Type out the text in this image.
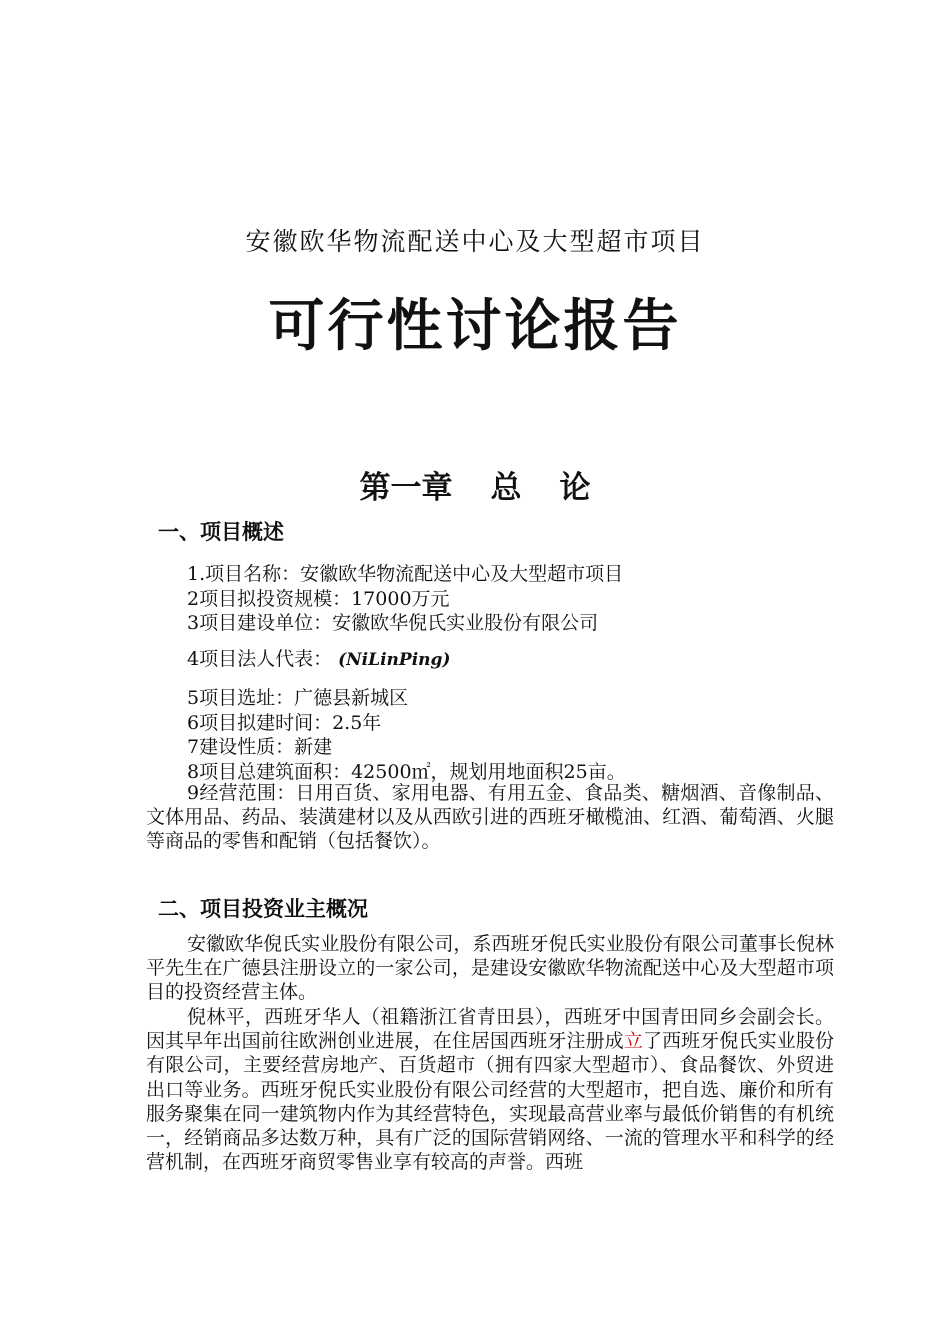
安徽欧华物流配送中心及大型超市项目
可行性讨论报告
第一章 总 论
一、项目概述
1.项目名称：安徽欧华物流配送中心及大型超市项目
2项目拟投资规模：17000万元
3项目建设单位：安徽欧华倪氏实业股份有限公司
4项目法人代表： (NiLinPing)
5项目选址：广德县新城区
6项目拟建时间：2.5年
7建设性质：新建
8项目总建筑面积：42500㎡，规划用地面积25亩。
9经营范围：日用百货、家用电器、有用五金、食品类、糖烟酒、音像制品、文体用品、药品、装潢建材以及从西欧引进的西班牙橄榄油、红酒、葡萄酒、火腿等商品的零售和配销（包括餐饮）。
二、项目投资业主概况
安徽欧华倪氏实业股份有限公司，系西班牙倪氏实业股份有限公司董事长倪林平先生在广德县注册设立的一家公司，是建设安徽欧华物流配送中心及大型超市项目的投资经营主体。
倪林平，西班牙华人（祖籍浙江省青田县），西班牙中国青田同乡会副会长。因其早年出国前往欧洲创业进展，在住居国西班牙注册成立了西班牙倪氏实业股份有限公司，主要经营房地产、百货超市（拥有四家大型超市）、食品餐饮、外贸进出口等业务。西班牙倪氏实业股份有限公司经营的大型超市，把自选、廉价和所有服务聚集在同一建筑物内作为其经营特色，实现最高营业率与最低价销售的有机统一，经销商品多达数万种，具有广泛的国际营销网络、一流的管理水平和科学的经营机制，在西班牙商贸零售业享有较高的声誉。西班
